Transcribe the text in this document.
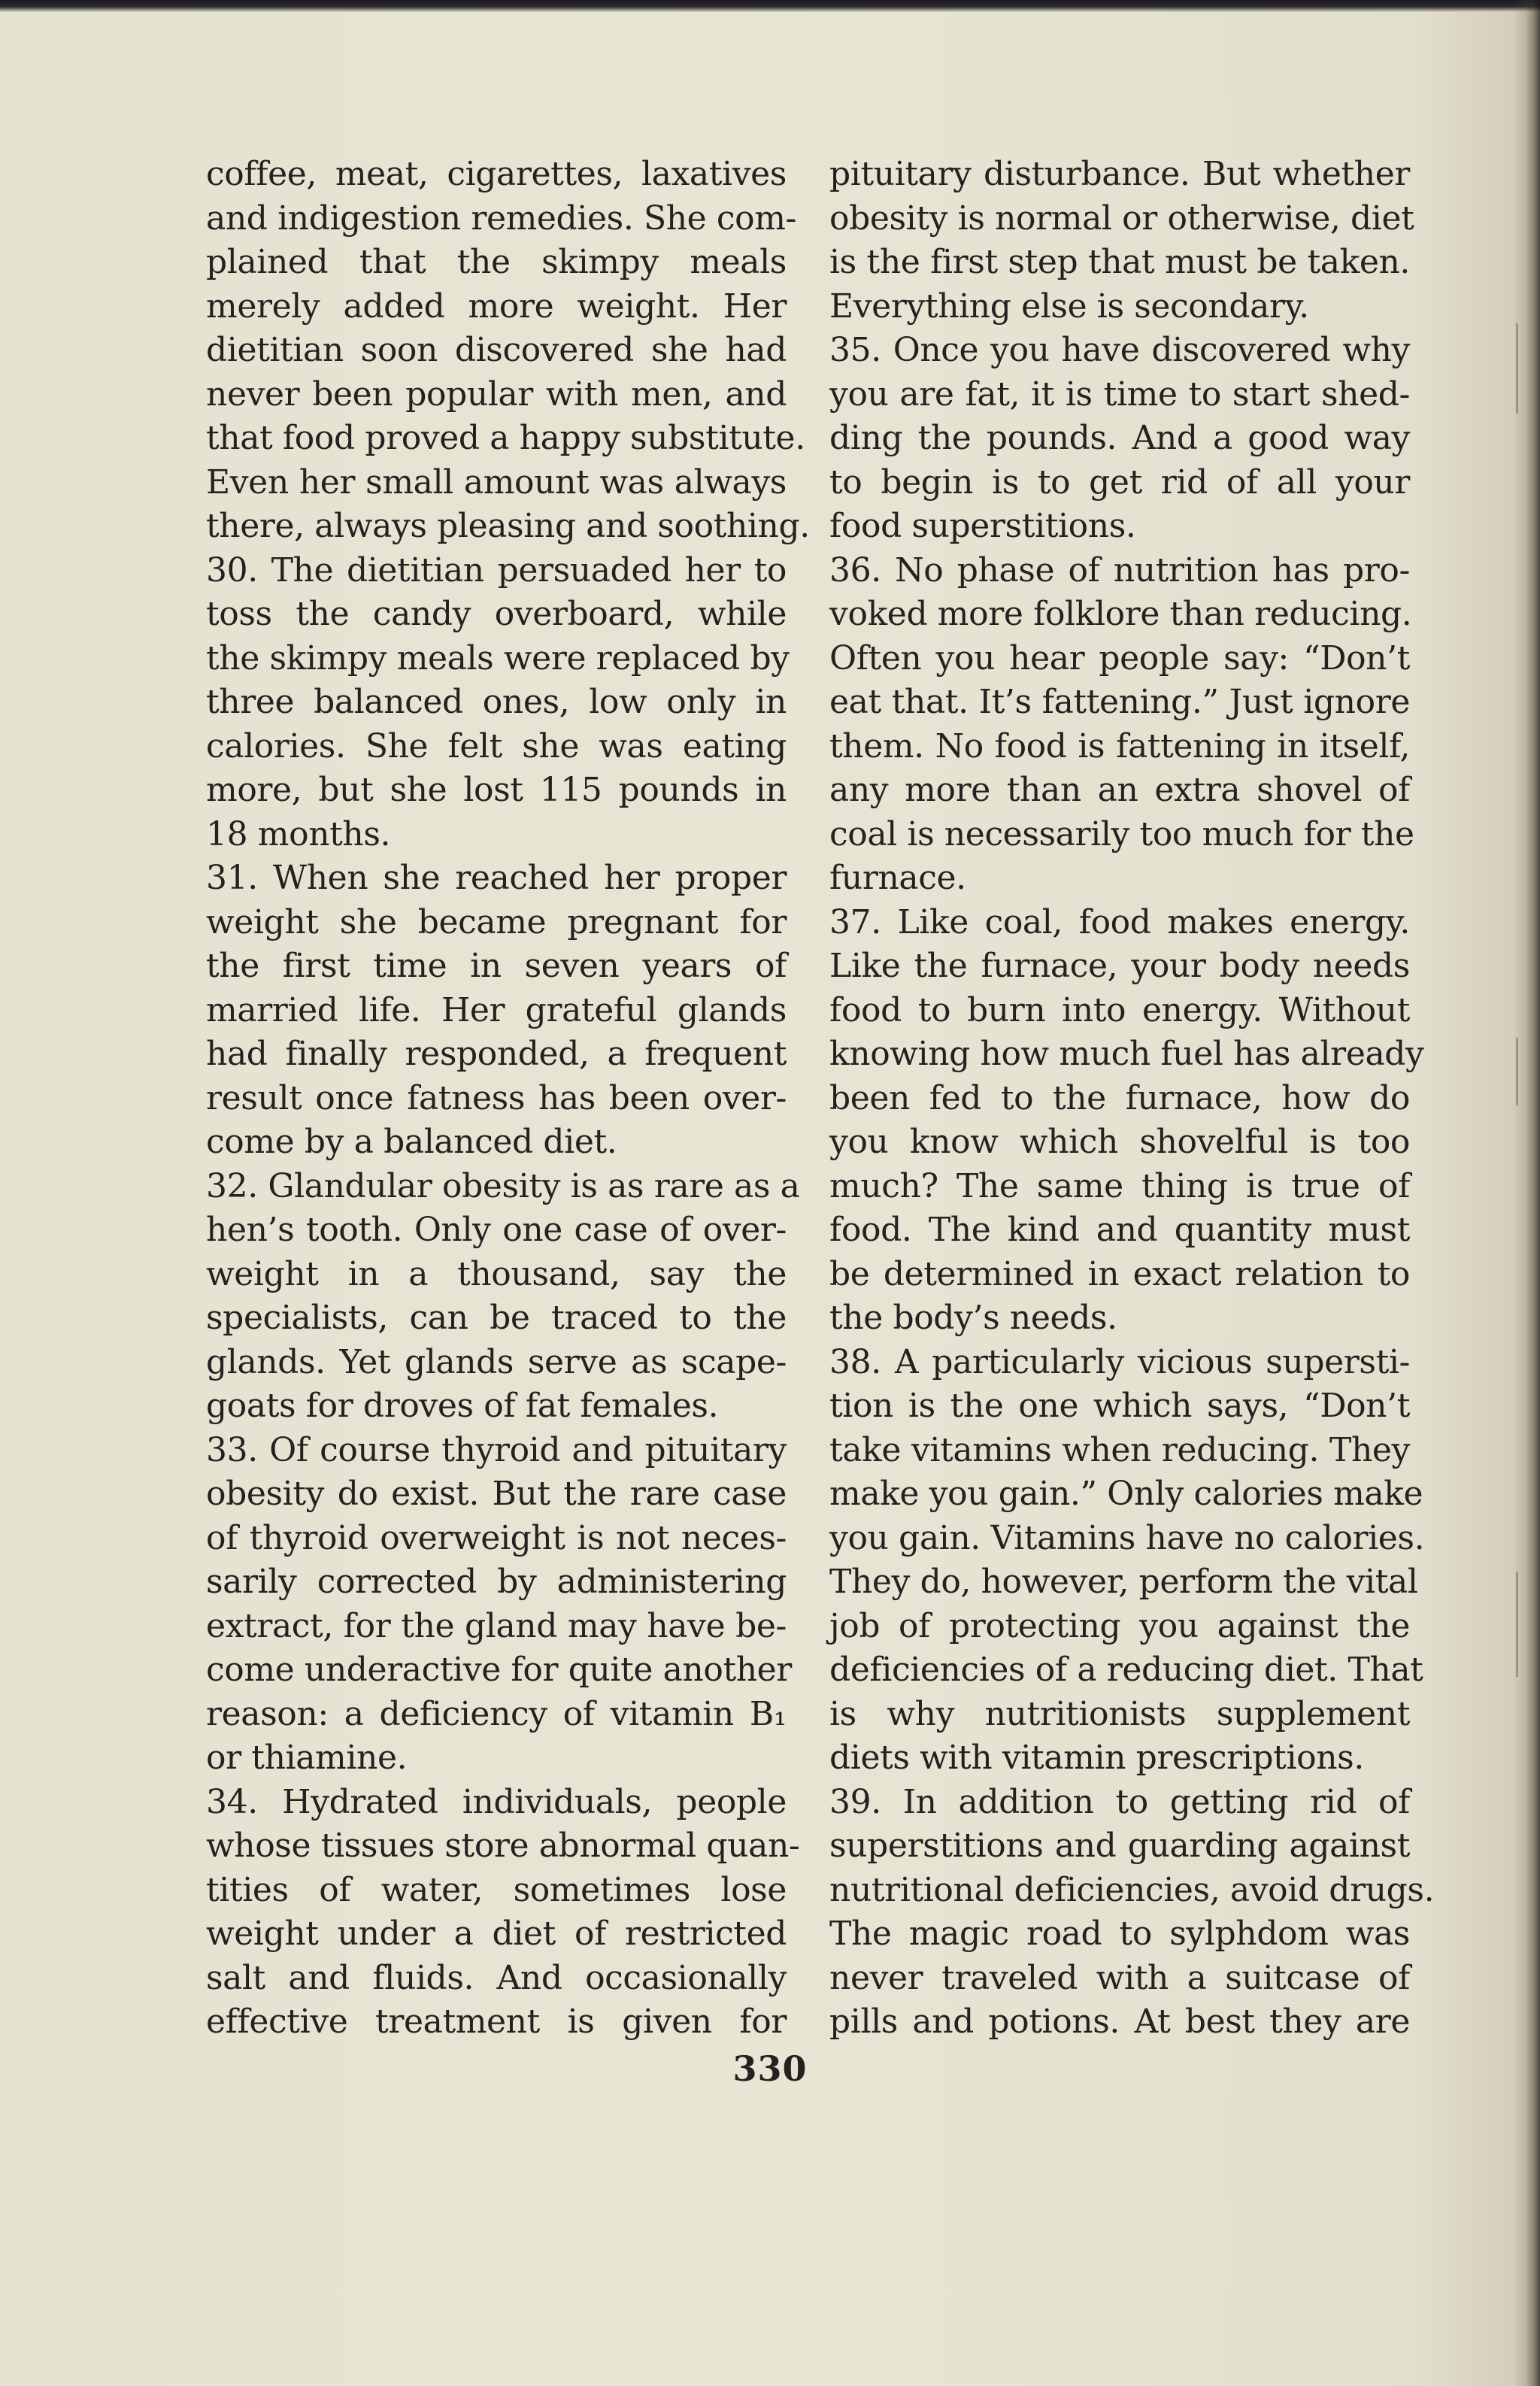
coffee, meat, cigarettes, laxatives
and indigestion remedies. She com-
plained that the skimpy meals
merely added more weight. Her
dietitian soon discovered she had
never been popular with men, and
that food proved a happy substitute.
Even her small amount was always
there, always pleasing and soothing.
30. The dietitian persuaded her to
toss the candy overboard, while
the skimpy meals were replaced by
three balanced ones, low only in
calories. She felt she was eating
more, but she lost 115 pounds in
18 months.
31. When she reached her proper
weight she became pregnant for
the first time in seven years of
married life. Her grateful glands
had finally responded, a frequent
result once fatness has been over-
come by a balanced diet.
32. Glandular obesity is as rare as a
hen’s tooth. Only one case of over-
weight in a thousand, say the
specialists, can be traced to the
glands. Yet glands serve as scape-
goats for droves of fat females.
33. Of course thyroid and pituitary
obesity do exist. But the rare case
of thyroid overweight is not neces-
sarily corrected by administering
extract, for the gland may have be-
come underactive for quite another
reason: a deficiency of vitamin B₁
or thiamine.
34. Hydrated individuals, people
whose tissues store abnormal quan-
tities of water, sometimes lose
weight under a diet of restricted
salt and fluids. And occasionally
effective treatment is given for
pituitary disturbance. But whether
obesity is normal or otherwise, diet
is the first step that must be taken.
Everything else is secondary.
35. Once you have discovered why
you are fat, it is time to start shed-
ding the pounds. And a good way
to begin is to get rid of all your
food superstitions.
36. No phase of nutrition has pro-
voked more folklore than reducing.
Often you hear people say: “Don’t
eat that. It’s fattening.” Just ignore
them. No food is fattening in itself,
any more than an extra shovel of
coal is necessarily too much for the
furnace.
37. Like coal, food makes energy.
Like the furnace, your body needs
food to burn into energy. Without
knowing how much fuel has already
been fed to the furnace, how do
you know which shovelful is too
much? The same thing is true of
food. The kind and quantity must
be determined in exact relation to
the body’s needs.
38. A particularly vicious supersti-
tion is the one which says, “Don’t
take vitamins when reducing. They
make you gain.” Only calories make
you gain. Vitamins have no calories.
They do, however, perform the vital
job of protecting you against the
deficiencies of a reducing diet. That
is why nutritionists supplement
diets with vitamin prescriptions.
39. In addition to getting rid of
superstitions and guarding against
nutritional deficiencies, avoid drugs.
The magic road to sylphdom was
never traveled with a suitcase of
pills and potions. At best they are
330
